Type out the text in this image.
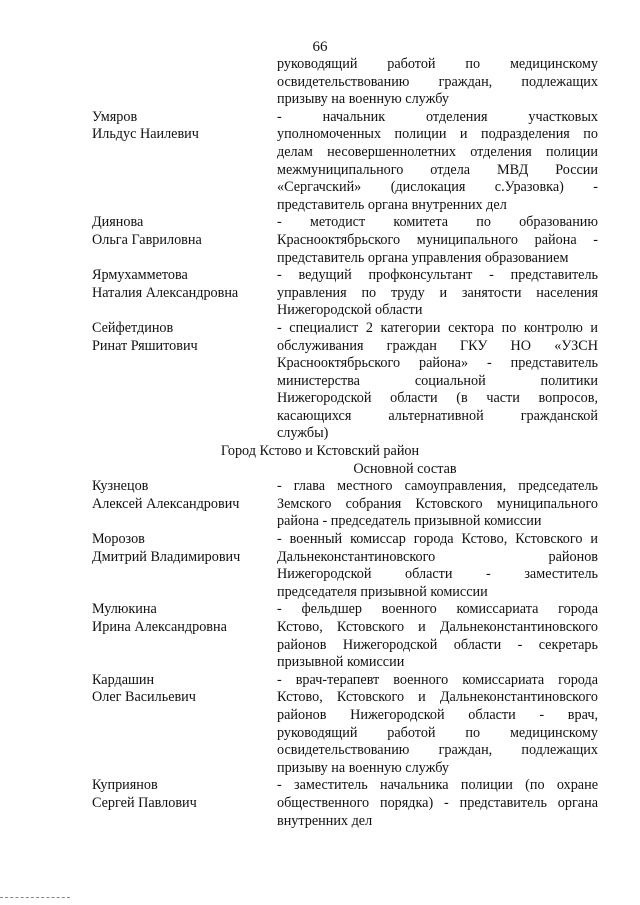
66
руководящий работой по медицинскому
освидетельствованию граждан, подлежащих
призыву на военную службу
Умяров
Ильдус Наилевич
- начальник отделения участковых
уполномоченных полиции и подразделения по
делам несовершеннолетних отделения полиции
межмуниципального отдела МВД России
«Сергачский» (дислокация с.Уразовка) -
представитель органа внутренних дел
Диянова
Ольга Гавриловна
- методист комитета по образованию
Краснооктябрьского муниципального района -
представитель органа управления образованием
Ярмухамметова
Наталия Александровна
- ведущий профконсультант - представитель
управления по труду и занятости населения
Нижегородской области
Сейфетдинов
Ринат Ряшитович
- специалист 2 категории сектора по контролю и
обслуживания граждан ГКУ НО «УЗСН
Краснооктябрьского района» - представитель
министерства социальной политики
Нижегородской области (в части вопросов,
касающихся альтернативной гражданской
службы)
Город Кстово и Кстовский район
Основной состав
Кузнецов
Алексей Александрович
- глава местного самоуправления, председатель
Земского собрания Кстовского муниципального
района - председатель призывной комиссии
Морозов
Дмитрий Владимирович
- военный комиссар города Кстово, Кстовского и
Дальнеконстантиновского районов
Нижегородской области - заместитель
председателя призывной комиссии
Мулюкина
Ирина Александровна
- фельдшер военного комиссариата города
Кстово, Кстовского и Дальнеконстантиновского
районов Нижегородской области - секретарь
призывной комиссии
Кардашин
Олег Васильевич
- врач-терапевт военного комиссариата города
Кстово, Кстовского и Дальнеконстантиновского
районов Нижегородской области - врач,
руководящий работой по медицинскому
освидетельствованию граждан, подлежащих
призыву на военную службу
Куприянов
Сергей Павлович
- заместитель начальника полиции (по охране
общественного порядка) - представитель органа
внутренних дел
